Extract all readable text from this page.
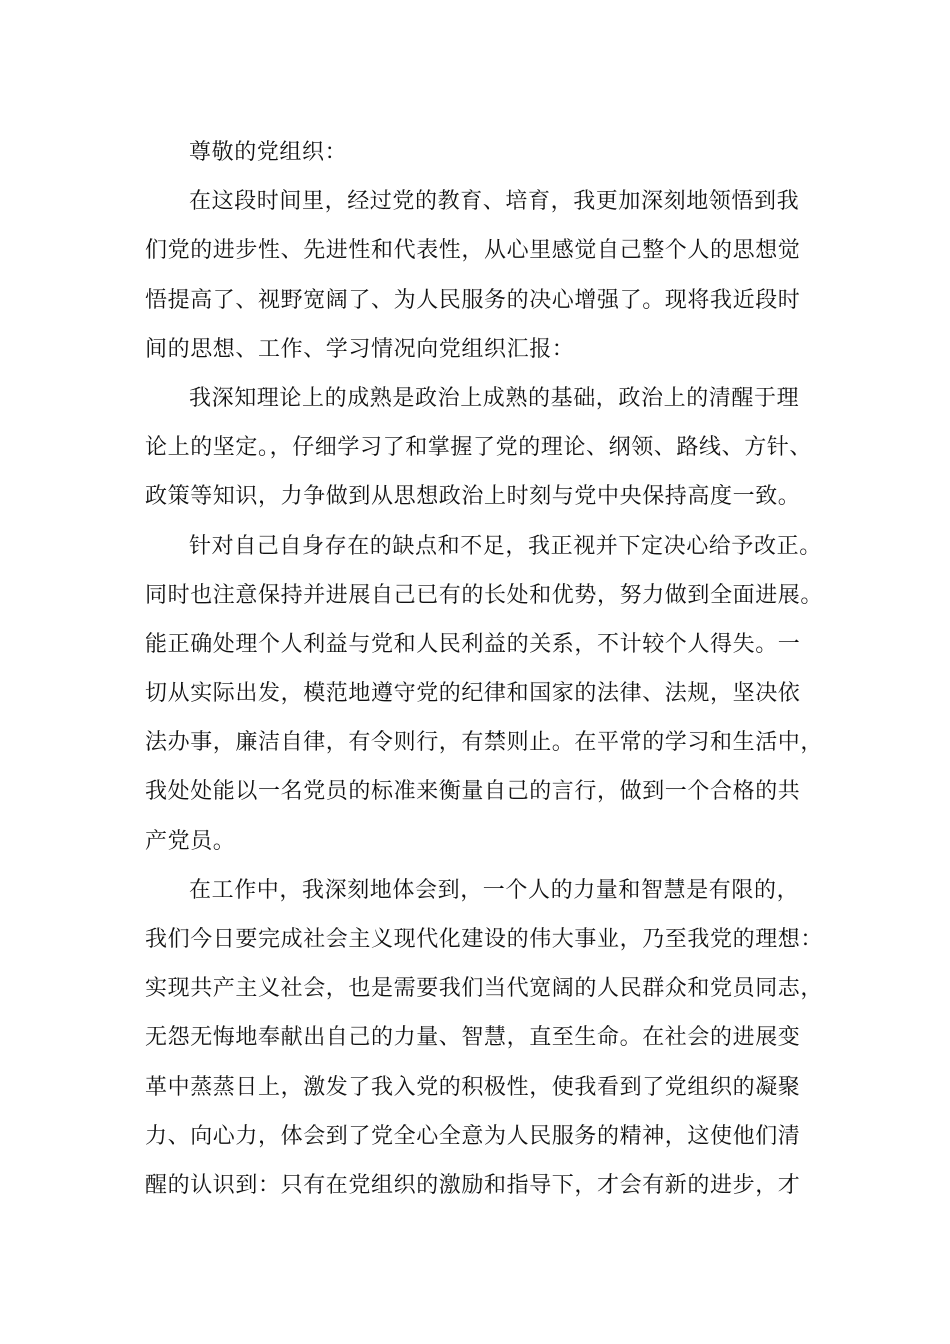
尊敬的党组织：
在这段时间里，经过党的教育、培育，我更加深刻地领悟到我
们党的进步性、先进性和代表性，从心里感觉自己整个人的思想觉
悟提高了、视野宽阔了、为人民服务的决心增强了。现将我近段时
间的思想、工作、学习情况向党组织汇报：
我深知理论上的成熟是政治上成熟的基础，政治上的清醒于理
论上的坚定。，仔细学习了和掌握了党的理论、纲领、路线、方针、
政策等知识，力争做到从思想政治上时刻与党中央保持高度一致。
针对自己自身存在的缺点和不足，我正视并下定决心给予改正。
同时也注意保持并进展自己已有的长处和优势，努力做到全面进展。
能正确处理个人利益与党和人民利益的关系，不计较个人得失。一
切从实际出发，模范地遵守党的纪律和国家的法律、法规，坚决依
法办事，廉洁自律，有令则行，有禁则止。在平常的学习和生活中，
我处处能以一名党员的标准来衡量自己的言行，做到一个合格的共
产党员。
在工作中，我深刻地体会到，一个人的力量和智慧是有限的，
我们今日要完成社会主义现代化建设的伟大事业，乃至我党的理想：
实现共产主义社会，也是需要我们当代宽阔的人民群众和党员同志，
无怨无悔地奉献出自己的力量、智慧，直至生命。在社会的进展变
革中蒸蒸日上，激发了我入党的积极性，使我看到了党组织的凝聚
力、向心力，体会到了党全心全意为人民服务的精神，这使他们清
醒的认识到：只有在党组织的激励和指导下，才会有新的进步，才
